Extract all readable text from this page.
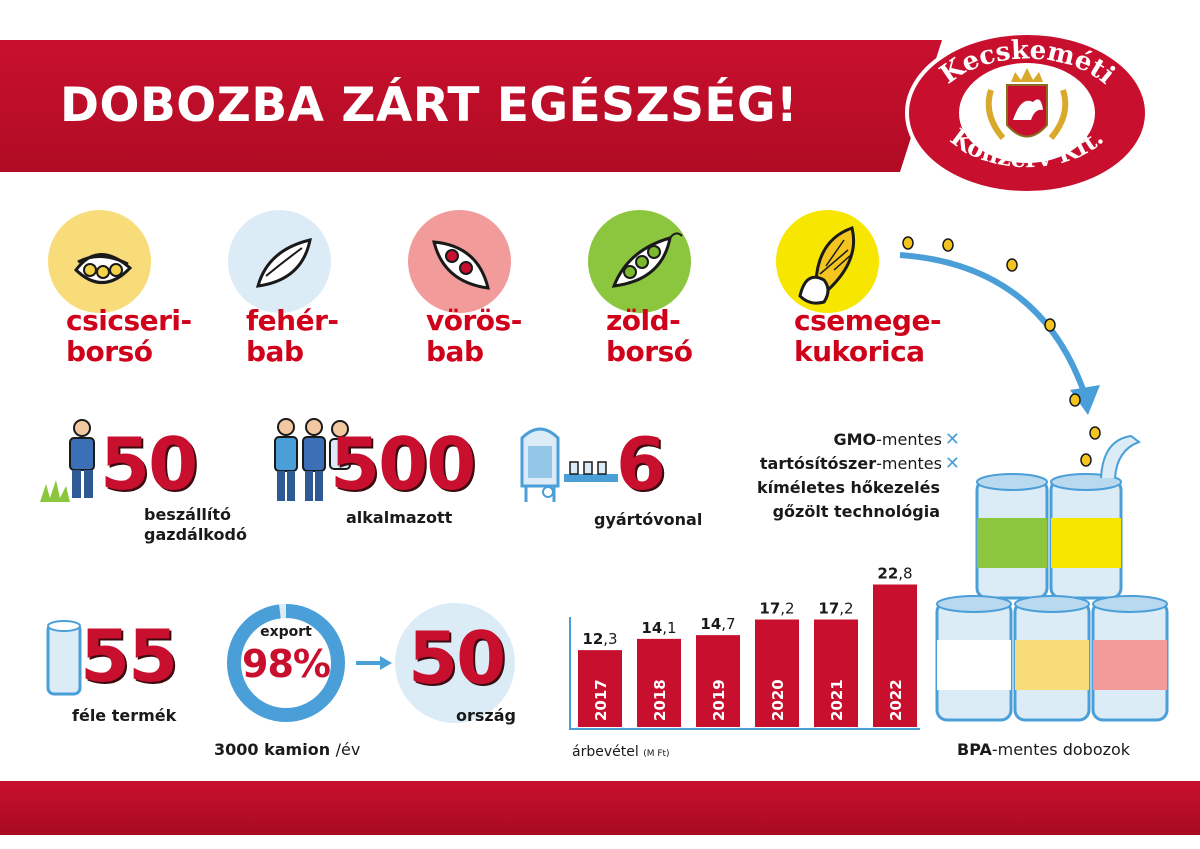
DOBOZBA ZÁRT EGÉSZSÉG!
Kecskeméti
Konzerv Kft.
csicseri-
borsó
fehér-
bab
vörös-
bab
zöld-
borsó
csemege-
kukorica
50
beszállító
gazdálkodó
500
alkalmazott
6
gyártóvonal
GMO-mentes ✕
tartósítószer-mentes ✕
kíméletes hőkezelés
gőzölt technológia
55
féle termék
export
98% 50
ország
3000 kamion /év
12,3
2017
14,1
2018
14,7
2019
17,2
2020
17,2
2021
22,8
2022
árbevétel (M Ft)	BPA-mentes dobozok
